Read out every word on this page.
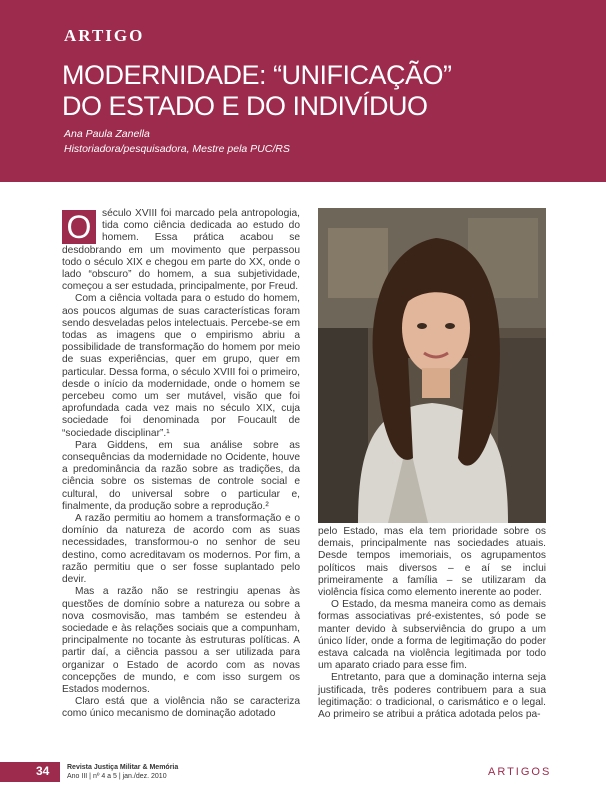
ARTIGO
MODERNIDADE: “UNIFICAÇÃO”
DO ESTADO E DO INDIVÍDUO
Ana Paula Zanella
Historiadora/pesquisadora, Mestre pela PUC/RS

O	século XVIII foi marcado pela antropologia, tida como ciência dedicada ao estudo do homem. Essa prática acabou se desdobrando em um movimento que perpassou todo o século XIX e chegou em parte do XX, onde o lado “obscuro” do homem, a sua subjetividade, começou a ser estudada, principalmente, por Freud.

Com a ciência voltada para o estudo do homem, aos poucos algumas de suas características foram sendo desveladas pelos intelectuais. Percebe-se em todas as imagens que o empirismo abriu a possibilidade de transformação do homem por meio de suas experiências, quer em grupo, quer em particular. Dessa forma, o século XVIII foi o primeiro, desde o início da modernidade, onde o homem se percebeu como um ser mutável, visão que foi aprofundada cada vez mais no século XIX, cuja sociedade foi denominada por Foucault de “sociedade disciplinar”.¹

Para Giddens, em sua análise sobre as consequências da modernidade no Ocidente, houve a predominância da razão sobre as tradições, da ciência sobre os sistemas de controle social e cultural, do universal sobre o particular e, finalmente, da produção sobre a reprodução.²

A razão permitiu ao homem a transformação e o domínio da natureza de acordo com as suas necessidades, transformou-o no senhor de seu destino, como acreditavam os modernos. Por fim, a razão permitiu que o ser fosse suplantado pelo devir.

Mas a razão não se restringiu apenas às questões de domínio sobre a natureza ou sobre a nova cosmovisão, mas também se estendeu à sociedade e às relações sociais que a compunham, principalmente no tocante às estruturas políticas. A partir daí, a ciência passou a ser utilizada para organizar o Estado de acordo com as novas concepções de mundo, e com isso surgem os Estados modernos.

Claro está que a violência não se caracteriza como único mecanismo de dominação adotado

pelo Estado, mas ela tem prioridade sobre os demais, principalmente nas sociedades atuais. Desde tempos imemoriais, os agrupamentos políticos mais diversos – e aí se inclui primeiramente a família – se utilizaram da violência física como elemento inerente ao poder.

O Estado, da mesma maneira como as demais formas associativas pré-existentes, só pode se manter devido à subserviência do grupo a um único líder, onde a forma de legitimação do poder estava calcada na violência legitimada por todo um aparato criado para esse fim.

Entretanto, para que a dominação interna seja justificada, três poderes contribuem para a sua legitimação: o tradicional, o carismático e o legal. Ao primeiro se atribui a prática adotada pelos pa-

34	Revista Justiça Militar & Memória
Ano III | nº 4 a 5 | jan./dez. 2010	ARTIGOS
